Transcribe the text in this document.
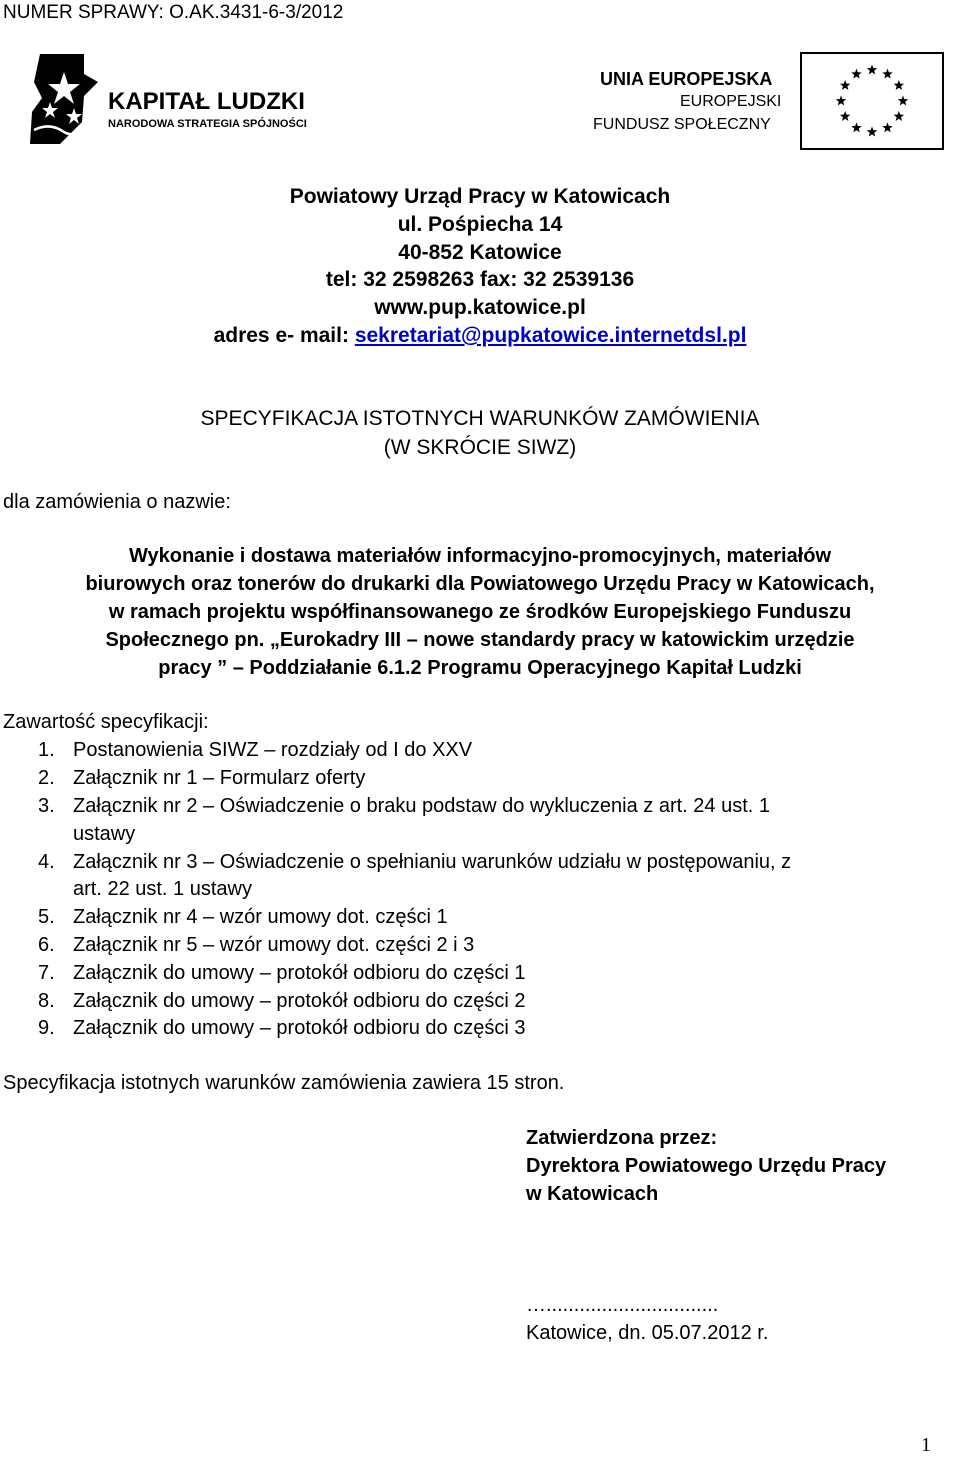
NUMER SPRAWY: O.AK.3431-6-3/2012
KAPITAŁ LUDZKI
NARODOWA STRATEGIA SPÓJNOŚCI
UNIA EUROPEJSKA
EUROPEJSKI
FUNDUSZ SPOŁECZNY
Powiatowy Urząd Pracy w Katowicach
ul. Pośpiecha 14
40-852 Katowice
tel: 32 2598263 fax: 32 2539136
www.pup.katowice.pl
adres e- mail: sekretariat@pupkatowice.internetdsl.pl
SPECYFIKACJA ISTOTNYCH WARUNKÓW ZAMÓWIENIA
(W SKRÓCIE SIWZ)
dla zamówienia o nazwie:
Wykonanie i dostawa materiałów informacyjno-promocyjnych, materiałów
biurowych oraz tonerów do drukarki dla Powiatowego Urzędu Pracy w Katowicach,
w ramach projektu współfinansowanego ze środków Europejskiego Funduszu
Społecznego pn. „Eurokadry III – nowe standardy pracy w katowickim urzędzie
pracy ” – Poddziałanie 6.1.2 Programu Operacyjnego Kapitał Ludzki
Zawartość specyfikacji:
1. Postanowienia SIWZ – rozdziały od I do XXV
2. Załącznik nr 1 – Formularz oferty
3. Załącznik nr 2 – Oświadczenie o braku podstaw do wykluczenia z art. 24 ust. 1
ustawy
4. Załącznik nr 3 – Oświadczenie o spełnianiu warunków udziału w postępowaniu, z
art. 22 ust. 1 ustawy
5. Załącznik nr 4 – wzór umowy dot. części 1
6. Załącznik nr 5 – wzór umowy dot. części 2 i 3
7. Załącznik do umowy – protokół odbioru do części 1
8. Załącznik do umowy – protokół odbioru do części 2
9. Załącznik do umowy – protokół odbioru do części 3
Specyfikacja istotnych warunków zamówienia zawiera 15 stron.
Zatwierdzona przez:
Dyrektora Powiatowego Urzędu Pracy
w Katowicach
…...............................
Katowice, dn. 05.07.2012 r.
1
